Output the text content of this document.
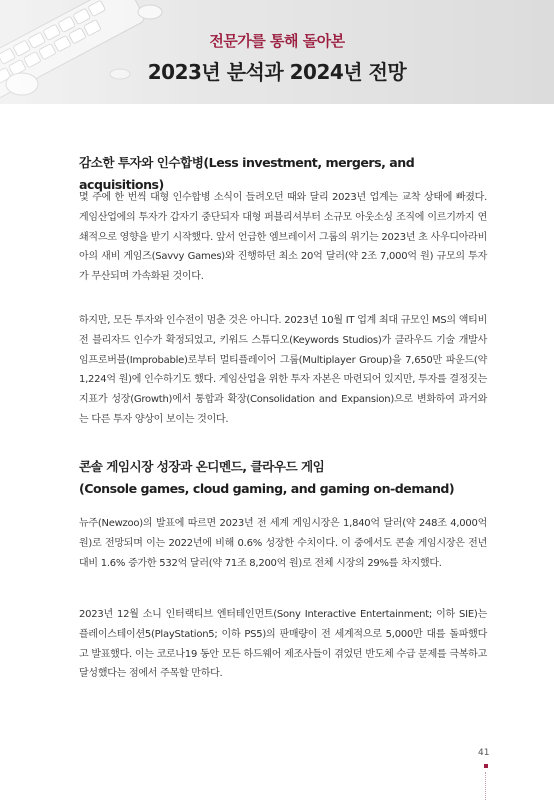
전문가를 통해 돌아본
2023년 분석과 2024년 전망
감소한 투자와 인수합병(Less investment, mergers, and acquisitions)

몇 주에 한 번씩 대형 인수합병 소식이 들려오던 때와 달리 2023년 업계는 교착 상태에 빠졌다. 게임산업에의 투자가 갑자기 중단되자 대형 퍼블리셔부터 소규모 아웃소싱 조직에 이르기까지 연쇄적으로 영향을 받기 시작했다. 앞서 언급한 엠브레이서 그룹의 위기는 2023년 초 사우디아라비아의 새비 게임즈(Savvy Games)와 진행하던 최소 20억 달러(약 2조 7,000억 원) 규모의 투자가 무산되며 가속화된 것이다.

하지만, 모든 투자와 인수전이 멈춘 것은 아니다. 2023년 10월 IT 업계 최대 규모인 MS의 액티비전 블리자드 인수가 확정되었고, 키워드 스튜디오(Keywords Studios)가 클라우드 기술 개발사 임프로버블(Improbable)로부터 멀티플레이어 그룹(Multiplayer Group)을 7,650만 파운드(약 1,224억 원)에 인수하기도 했다. 게임산업을 위한 투자 자본은 마련되어 있지만, 투자를 결정짓는 지표가 성장(Growth)에서 통합과 확장(Consolidation and Expansion)으로 변화하여 과거와는 다른 투자 양상이 보이는 것이다.

콘솔 게임시장 성장과 온디멘드, 클라우드 게임
(Console games, cloud gaming, and gaming on-demand)

뉴주(Newzoo)의 발표에 따르면 2023년 전 세계 게임시장은 1,840억 달러(약 248조 4,000억 원)로 전망되며 이는 2022년에 비해 0.6% 성장한 수치이다. 이 중에서도 콘솔 게임시장은 전년 대비 1.6% 증가한 532억 달러(약 71조 8,200억 원)로 전체 시장의 29%를 차지했다.

2023년 12월 소니 인터랙티브 엔터테인먼트(Sony Interactive Entertainment; 이하 SIE)는 플레이스테이션5(PlayStation5; 이하 PS5)의 판매량이 전 세계적으로 5,000만 대를 돌파했다고 발표했다. 이는 코로나19 동안 모든 하드웨어 제조사들이 겪었던 반도체 수급 문제를 극복하고 달성했다는 점에서 주목할 만하다.

41
